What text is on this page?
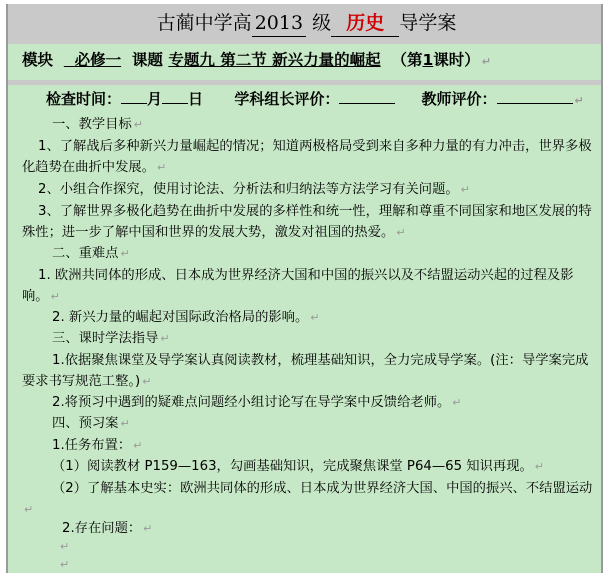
古蔺中学高 2013 级 历史 导学案
模块 必修一 课题 专题九 第二节 新兴力量的崛起 （第1课时） ↵
检查时间： 月 日 学科组长评价：	教师评价：	↵
一、教学目标 ↵
1、了解战后多种新兴力量崛起的情况；知道两极格局受到来自多种力量的有力冲击，世界多极化趋势在曲折中发展。 ↵
2、小组合作探究，使用讨论法、分析法和归纳法等方法学习有关问题。 ↵
3、了解世界多极化趋势在曲折中发展的多样性和统一性，理解和尊重不同国家和地区发展的特殊性；进一步了解中国和世界的发展大势，激发对祖国的热爱。 ↵
二、重难点 ↵
1. 欧洲共同体的形成、日本成为世界经济大国和中国的振兴以及不结盟运动兴起的过程及影响。 ↵
2. 新兴力量的崛起对国际政治格局的影响。 ↵
三、课时学法指导 ↵
1.依据聚焦课堂及导学案认真阅读教材，梳理基础知识，全力完成导学案。(注：导学案完成要求书写规范工整。) ↵
2.将预习中遇到的疑难点问题经小组讨论写在导学案中反馈给老师。 ↵
四、预习案 ↵
1.任务布置： ↵
（1）阅读教材 P159—163，勾画基础知识，完成聚焦课堂 P64—65 知识再现。 ↵
（2）了解基本史实：欧洲共同体的形成、日本成为世界经济大国、中国的振兴、不结盟运动↵
2.存在问题： ↵
↵
↵
